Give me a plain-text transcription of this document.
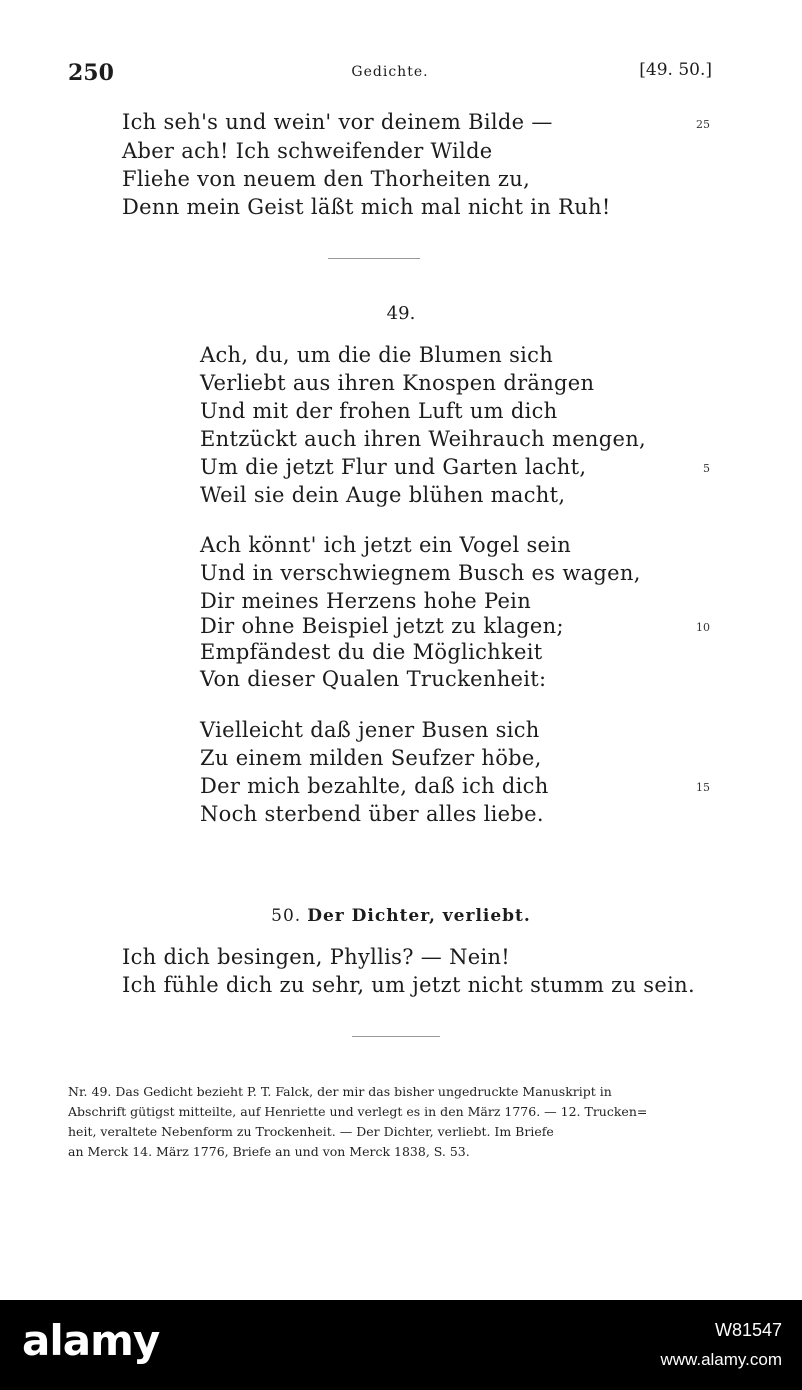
250	Gedichte.	[49. 50.]
Ich seh's und wein' vor deinem Bilde —	25
Aber ach! Ich schweifender Wilde
Fliehe von neuem den Thorheiten zu,
Denn mein Geist läßt mich mal nicht in Ruh!
49.
Ach, du, um die die Blumen sich
Verliebt aus ihren Knospen drängen
Und mit der frohen Luft um dich
Entzückt auch ihren Weihrauch mengen,
Um die jetzt Flur und Garten lacht,	5
Weil sie dein Auge blühen macht,
Ach könnt' ich jetzt ein Vogel sein
Und in verschwiegnem Busch es wagen,
Dir meines Herzens hohe Pein
Dir ohne Beispiel jetzt zu klagen;	10
Empfändest du die Möglichkeit
Von dieser Qualen Truckenheit:
Vielleicht daß jener Busen sich
Zu einem milden Seufzer höbe,
Der mich bezahlte, daß ich dich	15
Noch sterbend über alles liebe.
50. Der Dichter, verliebt.
Ich dich besingen, Phyllis? — Nein!
Ich fühle dich zu sehr, um jetzt nicht stumm zu sein.
Nr. 49. Das Gedicht bezieht P. T. Falck, der mir das bisher ungedruckte Manuskript in
Abschrift gütigst mitteilte, auf Henriette und verlegt es in den März 1776. — 12. Trucken=
heit, veraltete Nebenform zu Trockenheit. — Der Dichter, verliebt. Im Briefe
an Merck 14. März 1776, Briefe an und von Merck 1838, S. 53.
alamy	W81547
www.alamy.com
